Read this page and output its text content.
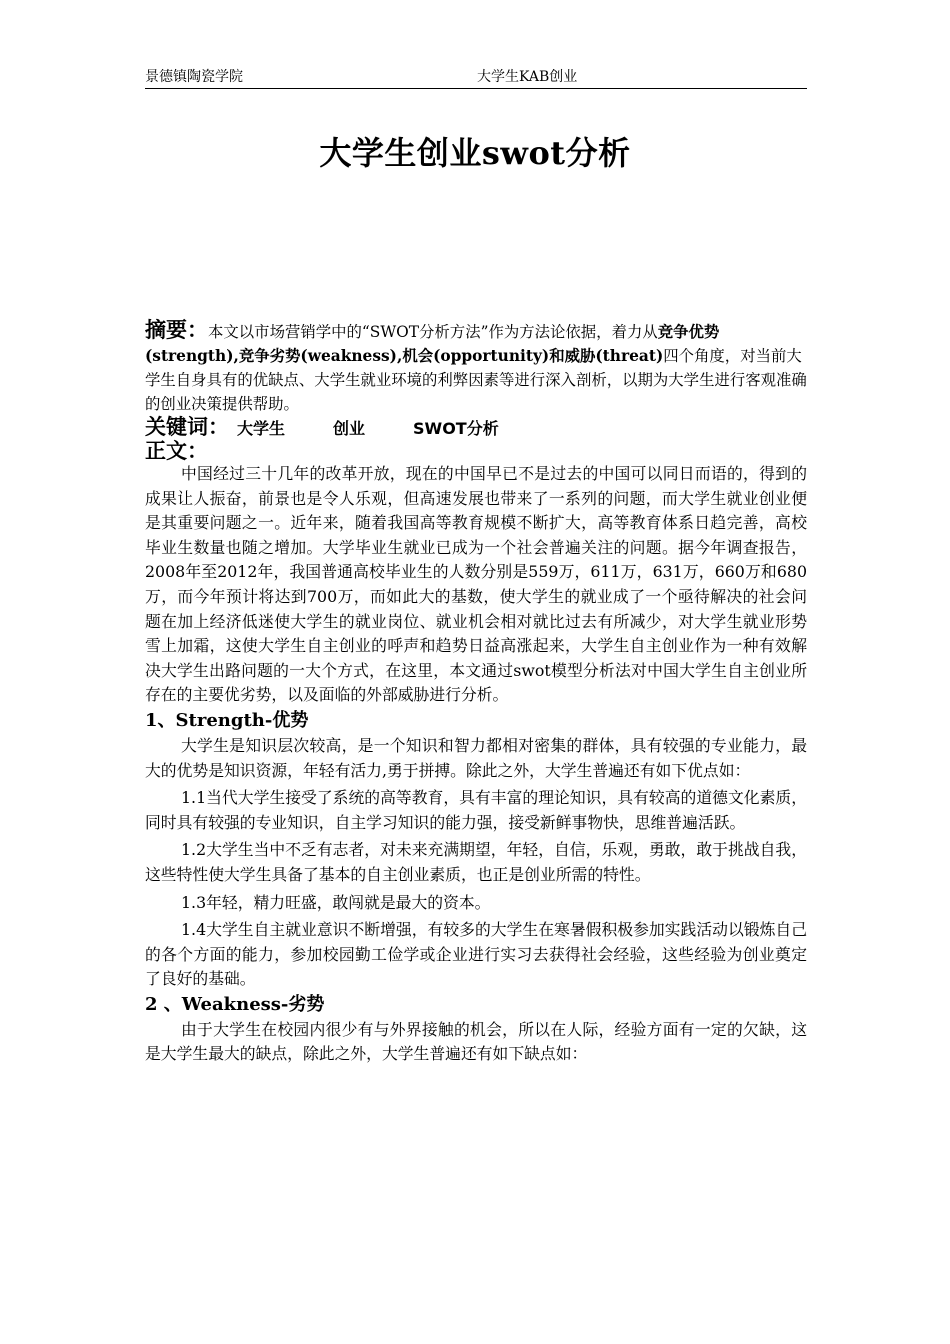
景德镇陶瓷学院	大学生KAB创业
大学生创业swot分析

摘要：本文以市场营销学中的“SWOT分析方法”作为方法论依据，着力从竞争优势(strength),竞争劣势(weakness),机会(opportunity)和威胁(threat)四个角度，对当前大学生自身具有的优缺点、大学生就业环境的利弊因素等进行深入剖析，以期为大学生进行客观准确的创业决策提供帮助。

关键词： 大学生	创业	SWOT分析

正文：

中国经过三十几年的改革开放，现在的中国早已不是过去的中国可以同日而语的，得到的成果让人振奋，前景也是令人乐观，但高速发展也带来了一系列的问题，而大学生就业创业便是其重要问题之一。近年来，随着我国高等教育规模不断扩大，高等教育体系日趋完善，高校毕业生数量也随之增加。大学毕业生就业已成为一个社会普遍关注的问题。据今年调查报告，2008年至2012年，我国普通高校毕业生的人数分别是559万，611万，631万，660万和680万，而今年预计将达到700万，而如此大的基数，使大学生的就业成了一个亟待解决的社会问题在加上经济低迷使大学生的就业岗位、就业机会相对就比过去有所减少，对大学生就业形势雪上加霜，这使大学生自主创业的呼声和趋势日益高涨起来，大学生自主创业作为一种有效解决大学生出路问题的一大个方式，在这里，本文通过swot模型分析法对中国大学生自主创业所存在的主要优劣势，以及面临的外部威胁进行分析。

1、Strength-优势

大学生是知识层次较高，是一个知识和智力都相对密集的群体，具有较强的专业能力，最大的优势是知识资源，年轻有活力,勇于拼搏。除此之外，大学生普遍还有如下优点如：

1.1当代大学生接受了系统的高等教育，具有丰富的理论知识，具有较高的道德文化素质，同时具有较强的专业知识，自主学习知识的能力强，接受新鲜事物快，思维普遍活跃。

1.2大学生当中不乏有志者，对未来充满期望，年轻，自信，乐观，勇敢，敢于挑战自我，这些特性使大学生具备了基本的自主创业素质，也正是创业所需的特性。

1.3年轻，精力旺盛，敢闯就是最大的资本。

1.4大学生自主就业意识不断增强，有较多的大学生在寒暑假积极参加实践活动以锻炼自己的各个方面的能力，参加校园勤工俭学或企业进行实习去获得社会经验，这些经验为创业奠定了良好的基础。

2 、Weakness-劣势

由于大学生在校园内很少有与外界接触的机会，所以在人际，经验方面有一定的欠缺，这是大学生最大的缺点，除此之外，大学生普遍还有如下缺点如：
